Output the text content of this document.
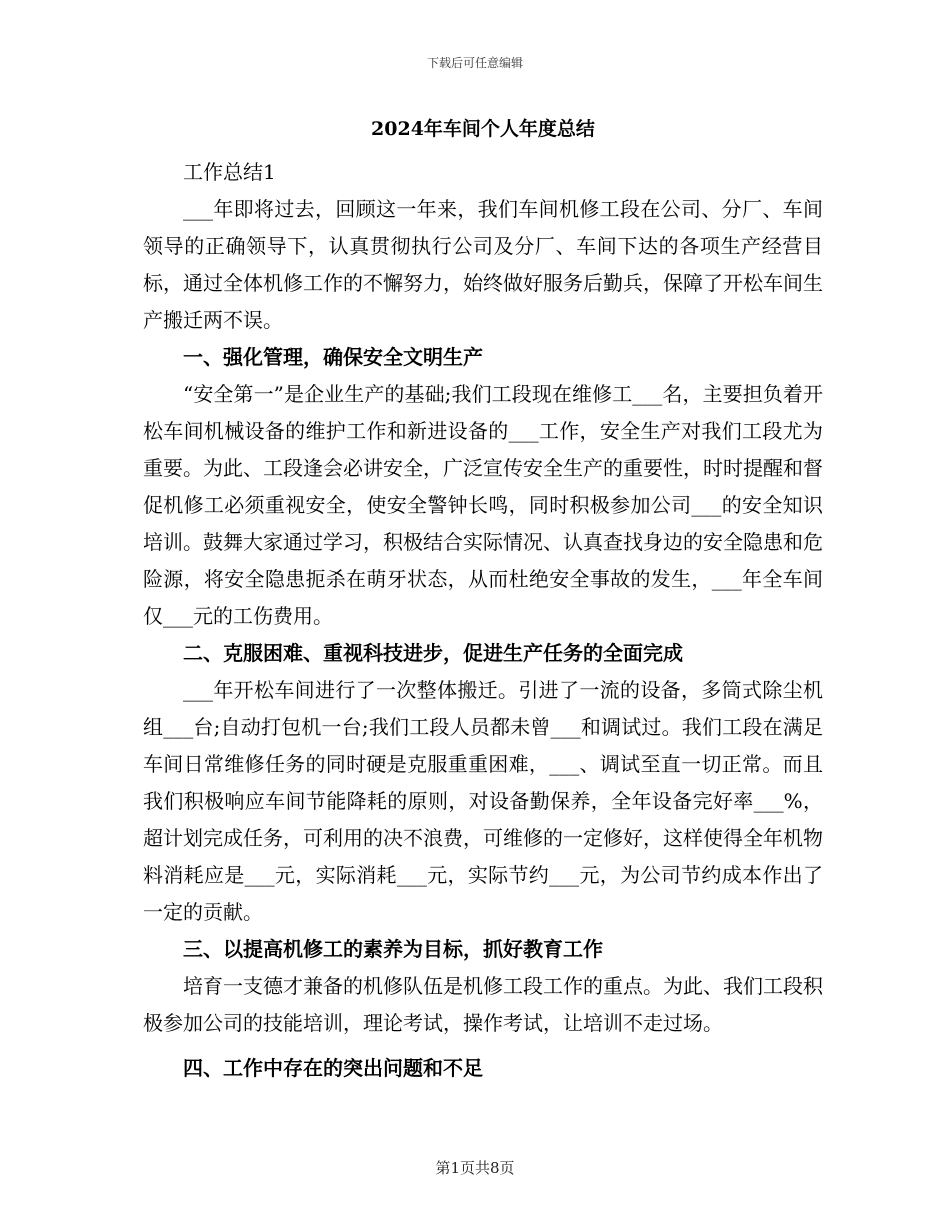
下载后可任意编辑
2024年车间个人年度总结

工作总结1

___年即将过去，回顾这一年来，我们车间机修工段在公司、分厂、车间领导的正确领导下，认真贯彻执行公司及分厂、车间下达的各项生产经营目标，通过全体机修工作的不懈努力，始终做好服务后勤兵，保障了开松车间生产搬迁两不误。

一、强化管理，确保安全文明生产

“安全第一”是企业生产的基础;我们工段现在维修工___名，主要担负着开松车间机械设备的维护工作和新进设备的___工作，安全生产对我们工段尤为重要。为此、工段逢会必讲安全，广泛宣传安全生产的重要性，时时提醒和督促机修工必须重视安全，使安全警钟长鸣，同时积极参加公司___的安全知识培训。鼓舞大家通过学习，积极结合实际情况、认真查找身边的安全隐患和危险源，将安全隐患扼杀在萌牙状态，从而杜绝安全事故的发生，___年全车间仅___元的工伤费用。

二、克服困难、重视科技进步，促进生产任务的全面完成

___年开松车间进行了一次整体搬迁。引进了一流的设备，多筒式除尘机组___台;自动打包机一台;我们工段人员都未曾___和调试过。我们工段在满足车间日常维修任务的同时硬是克服重重困难，___、调试至直一切正常。而且我们积极响应车间节能降耗的原则，对设备勤保养，全年设备完好率___%，超计划完成任务，可利用的决不浪费，可维修的一定修好，这样使得全年机物料消耗应是___元，实际消耗___元，实际节约___元，为公司节约成本作出了一定的贡献。

三、以提高机修工的素养为目标，抓好教育工作

培育一支德才兼备的机修队伍是机修工段工作的重点。为此、我们工段积极参加公司的技能培训，理论考试，操作考试，让培训不走过场。

四、工作中存在的突出问题和不足

第1页共8页
